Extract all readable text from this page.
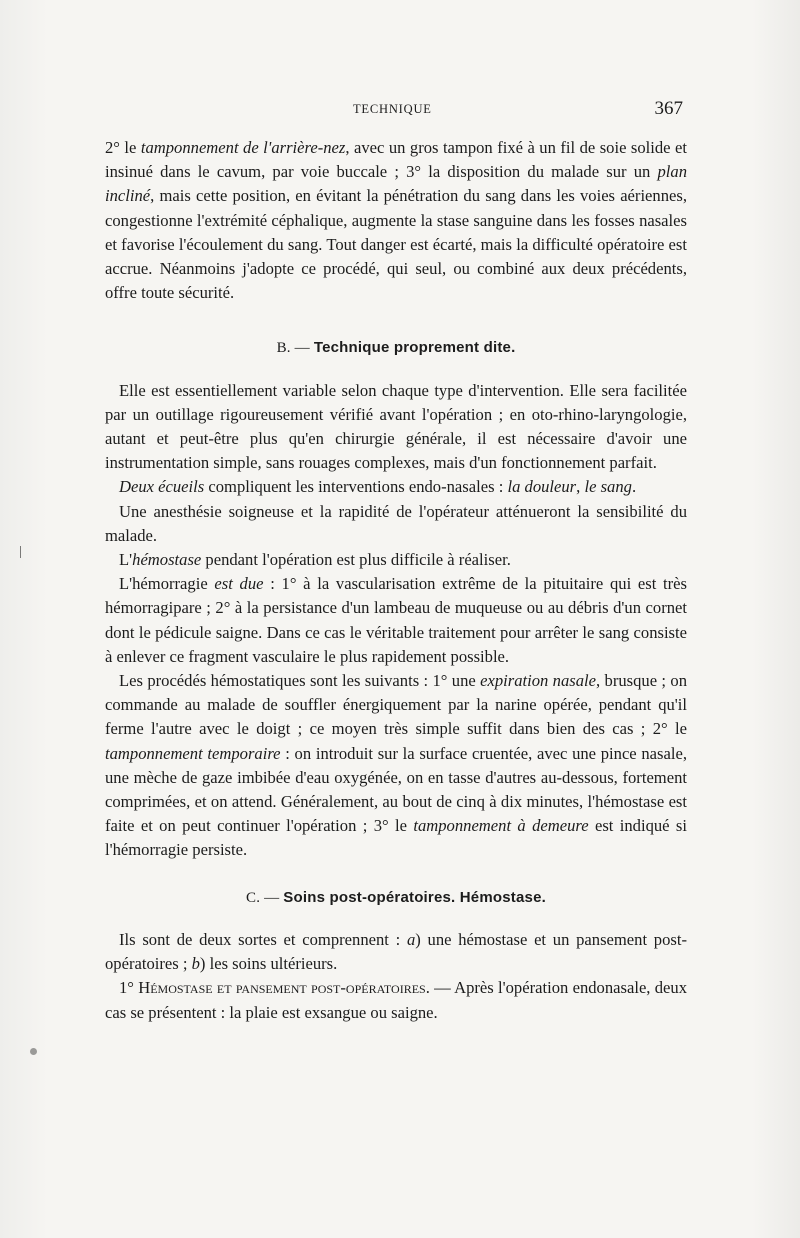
TECHNIQUE	367

2° le tamponnement de l'arrière-nez, avec un gros tampon fixé à un fil de soie solide et insinué dans le cavum, par voie buccale ; 3° la disposition du malade sur un plan incliné, mais cette position, en évitant la pénétration du sang dans les voies aériennes, congestionne l'extrémité céphalique, augmente la stase sanguine dans les fosses nasales et favorise l'écoulement du sang. Tout danger est écarté, mais la difficulté opératoire est accrue. Néanmoins j'adopte ce procédé, qui seul, ou combiné aux deux précédents, offre toute sécurité.

B. — Technique proprement dite.

Elle est essentiellement variable selon chaque type d'intervention. Elle sera facilitée par un outillage rigoureusement vérifié avant l'opération ; en oto-rhino-laryngologie, autant et peut-être plus qu'en chirurgie générale, il est nécessaire d'avoir une instrumentation simple, sans rouages complexes, mais d'un fonctionnement parfait.

Deux écueils compliquent les interventions endo-nasales : la douleur, le sang.

Une anesthésie soigneuse et la rapidité de l'opérateur atténueront la sensibilité du malade.

L'hémostase pendant l'opération est plus difficile à réaliser.

L'hémorragie est due : 1° à la vascularisation extrême de la pituitaire qui est très hémorragipare ; 2° à la persistance d'un lambeau de muqueuse ou au débris d'un cornet dont le pédicule saigne. Dans ce cas le véritable traitement pour arrêter le sang consiste à enlever ce fragment vasculaire le plus rapidement possible.

Les procédés hémostatiques sont les suivants : 1° une expiration nasale, brusque ; on commande au malade de souffler énergiquement par la narine opérée, pendant qu'il ferme l'autre avec le doigt ; ce moyen très simple suffit dans bien des cas ; 2° le tamponnement temporaire : on introduit sur la surface cruentée, avec une pince nasale, une mèche de gaze imbibée d'eau oxygénée, on en tasse d'autres au-dessous, fortement comprimées, et on attend. Généralement, au bout de cinq à dix minutes, l'hémostase est faite et on peut continuer l'opération ; 3° le tamponnement à demeure est indiqué si l'hémorragie persiste.

C. — Soins post-opératoires. Hémostase.

Ils sont de deux sortes et comprennent : a) une hémostase et un pansement post-opératoires ; b) les soins ultérieurs.

1° Hémostase et pansement post-opératoires. — Après l'opération endonasale, deux cas se présentent : la plaie est exsangue ou saigne.
